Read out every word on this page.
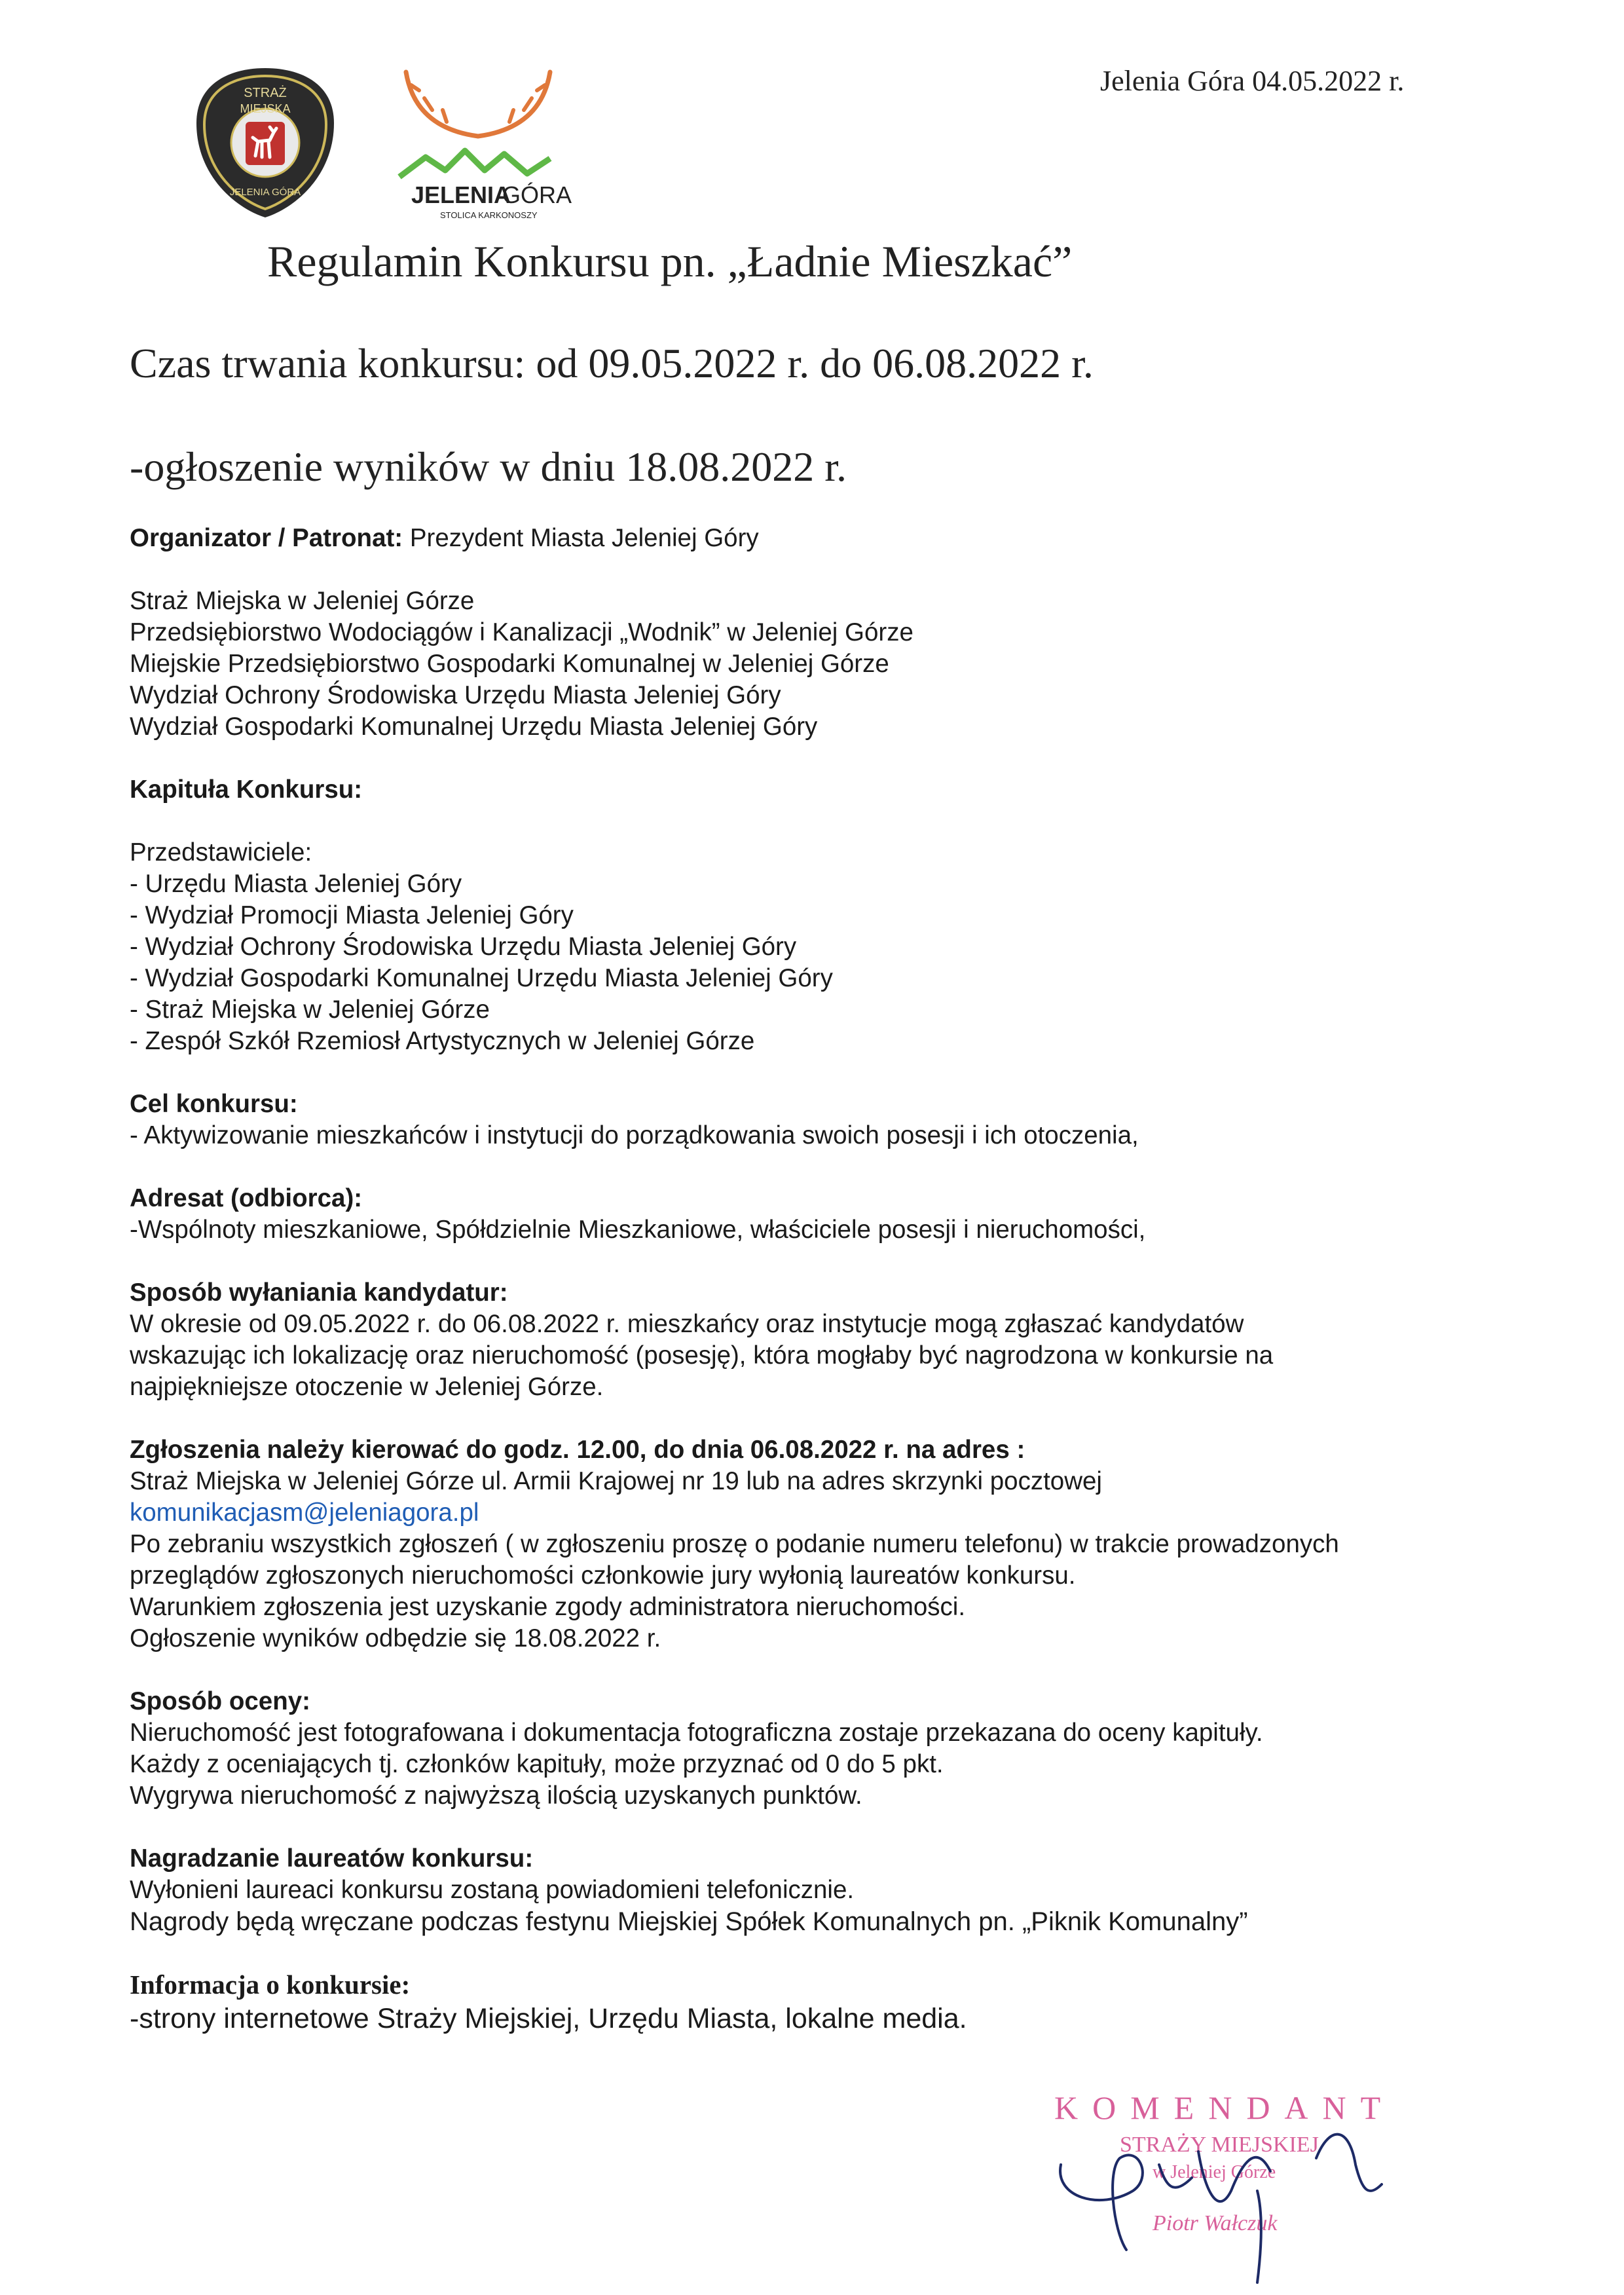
Jelenia Góra 04.05.2022 r.
STRAŻ
MIEJSKA
JELENIA GÓRA	JELENIA
GÓRA
STOLICA KARKONOSZY
Regulamin Konkursu pn. „Ładnie Mieszkać”
Czas trwania konkursu: od 09.05.2022 r. do 06.08.2022 r.
-ogłoszenie wyników w dniu 18.08.2022 r.

Organizator / Patronat: Prezydent Miasta Jeleniej Góry

Straż Miejska w Jeleniej Górze

Przedsiębiorstwo Wodociągów i Kanalizacji „Wodnik” w Jeleniej Górze

Miejskie Przedsiębiorstwo Gospodarki Komunalnej w Jeleniej Górze

Wydział Ochrony Środowiska Urzędu Miasta Jeleniej Góry

Wydział Gospodarki Komunalnej Urzędu Miasta Jeleniej Góry

Kapituła Konkursu:

Przedstawiciele:

- Urzędu Miasta Jeleniej Góry

- Wydział Promocji Miasta Jeleniej Góry

- Wydział Ochrony Środowiska Urzędu Miasta Jeleniej Góry

- Wydział Gospodarki Komunalnej Urzędu Miasta Jeleniej Góry

- Straż Miejska w Jeleniej Górze

- Zespół Szkół Rzemiosł Artystycznych w Jeleniej Górze

Cel konkursu:

- Aktywizowanie mieszkańców i instytucji do porządkowania swoich posesji i ich otoczenia,

Adresat (odbiorca):

-Wspólnoty mieszkaniowe, Spółdzielnie Mieszkaniowe, właściciele posesji i nieruchomości,

Sposób wyłaniania kandydatur:

W okresie od 09.05.2022 r. do 06.08.2022 r. mieszkańcy oraz instytucje mogą zgłaszać kandydatów

wskazując ich lokalizację oraz nieruchomość (posesję), która mogłaby być nagrodzona w konkursie na

najpiękniejsze otoczenie w Jeleniej Górze.

Zgłoszenia należy kierować do godz. 12.00, do dnia 06.08.2022 r. na adres :

Straż Miejska w Jeleniej Górze ul. Armii Krajowej nr 19 lub na adres skrzynki pocztowej

komunikacjasm@jeleniagora.pl

Po zebraniu wszystkich zgłoszeń ( w zgłoszeniu proszę o podanie numeru telefonu) w trakcie prowadzonych

przeglądów zgłoszonych nieruchomości członkowie jury wyłonią laureatów konkursu.

Warunkiem zgłoszenia jest uzyskanie zgody administratora nieruchomości.

Ogłoszenie wyników odbędzie się 18.08.2022 r.

Sposób oceny:

Nieruchomość jest fotografowana i dokumentacja fotograficzna zostaje przekazana do oceny kapituły.

Każdy z oceniających tj. członków kapituły, może przyznać od 0 do 5 pkt.

Wygrywa nieruchomość z najwyższą ilością uzyskanych punktów.

Nagradzanie laureatów konkursu:

Wyłonieni laureaci konkursu zostaną powiadomieni telefonicznie.

Nagrody będą wręczane podczas festynu Miejskiej Spółek Komunalnych pn. „Piknik Komunalny”

Informacja o konkursie:

-strony internetowe Straży Miejskiej, Urzędu Miasta, lokalne media.

KOMENDANT
STRAŻY MIEJSKIEJ
w Jeleniej Górze
Piotr Wałczuk
